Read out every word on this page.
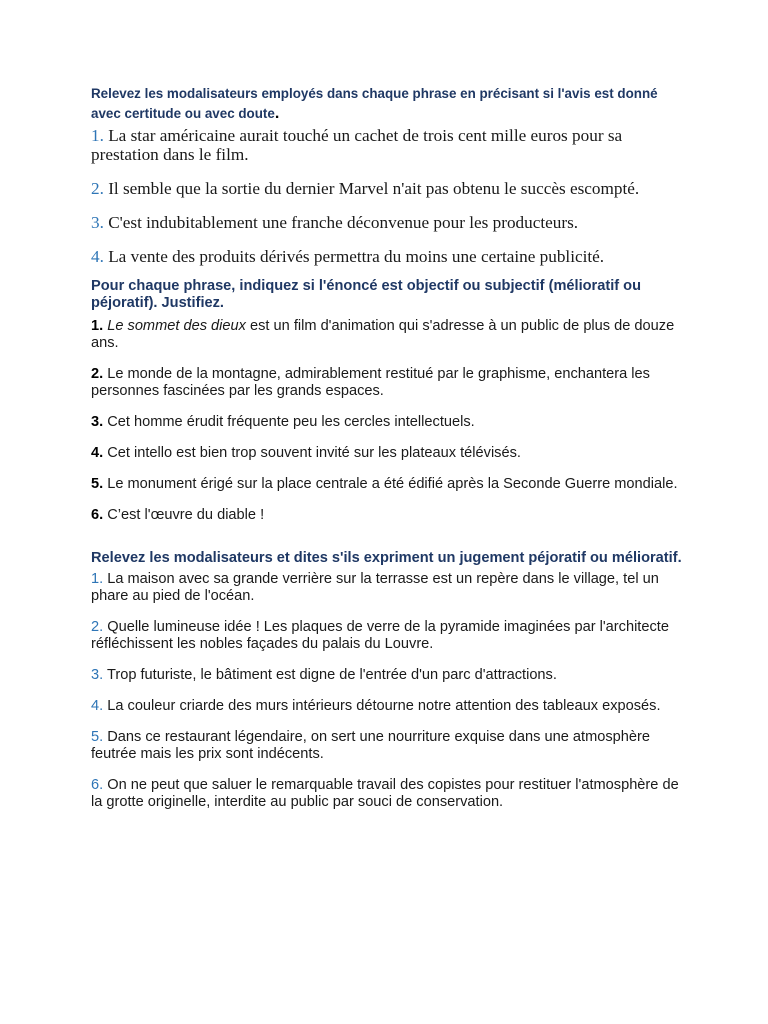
Relevez les modalisateurs employés dans chaque phrase en précisant si l'avis est donné avec certitude ou avec doute.

1. La star américaine aurait touché un cachet de trois cent mille euros pour sa prestation dans le film.

2. Il semble que la sortie du dernier Marvel n'ait pas obtenu le succès escompté.

3. C'est indubitablement une franche déconvenue pour les producteurs.

4. La vente des produits dérivés permettra du moins une certaine publicité.

Pour chaque phrase, indiquez si l'énoncé est objectif ou subjectif (mélioratif ou péjoratif). Justifiez.

1. Le sommet des dieux est un film d'animation qui s'adresse à un public de plus de douze ans.

2. Le monde de la montagne, admirablement restitué par le graphisme, enchantera les personnes fascinées par les grands espaces.

3. Cet homme érudit fréquente peu les cercles intellectuels.

4. Cet intello est bien trop souvent invité sur les plateaux télévisés.

5. Le monument érigé sur la place centrale a été édifié après la Seconde Guerre mondiale.

6. C’est l'œuvre du diable !

Relevez les modalisateurs et dites s'ils expriment un jugement péjoratif ou mélioratif.

1. La maison avec sa grande verrière sur la terrasse est un repère dans le village, tel un phare au pied de l'océan.

2. Quelle lumineuse idée ! Les plaques de verre de la pyramide imaginées par l'architecte réfléchissent les nobles façades du palais du Louvre.

3. Trop futuriste, le bâtiment est digne de l'entrée d'un parc d'attractions.

4. La couleur criarde des murs intérieurs détourne notre attention des tableaux exposés.

5. Dans ce restaurant légendaire, on sert une nourriture exquise dans une atmosphère feutrée mais les prix sont indécents.

6. On ne peut que saluer le remarquable travail des copistes pour restituer l'atmosphère de la grotte originelle, interdite au public par souci de conservation.
